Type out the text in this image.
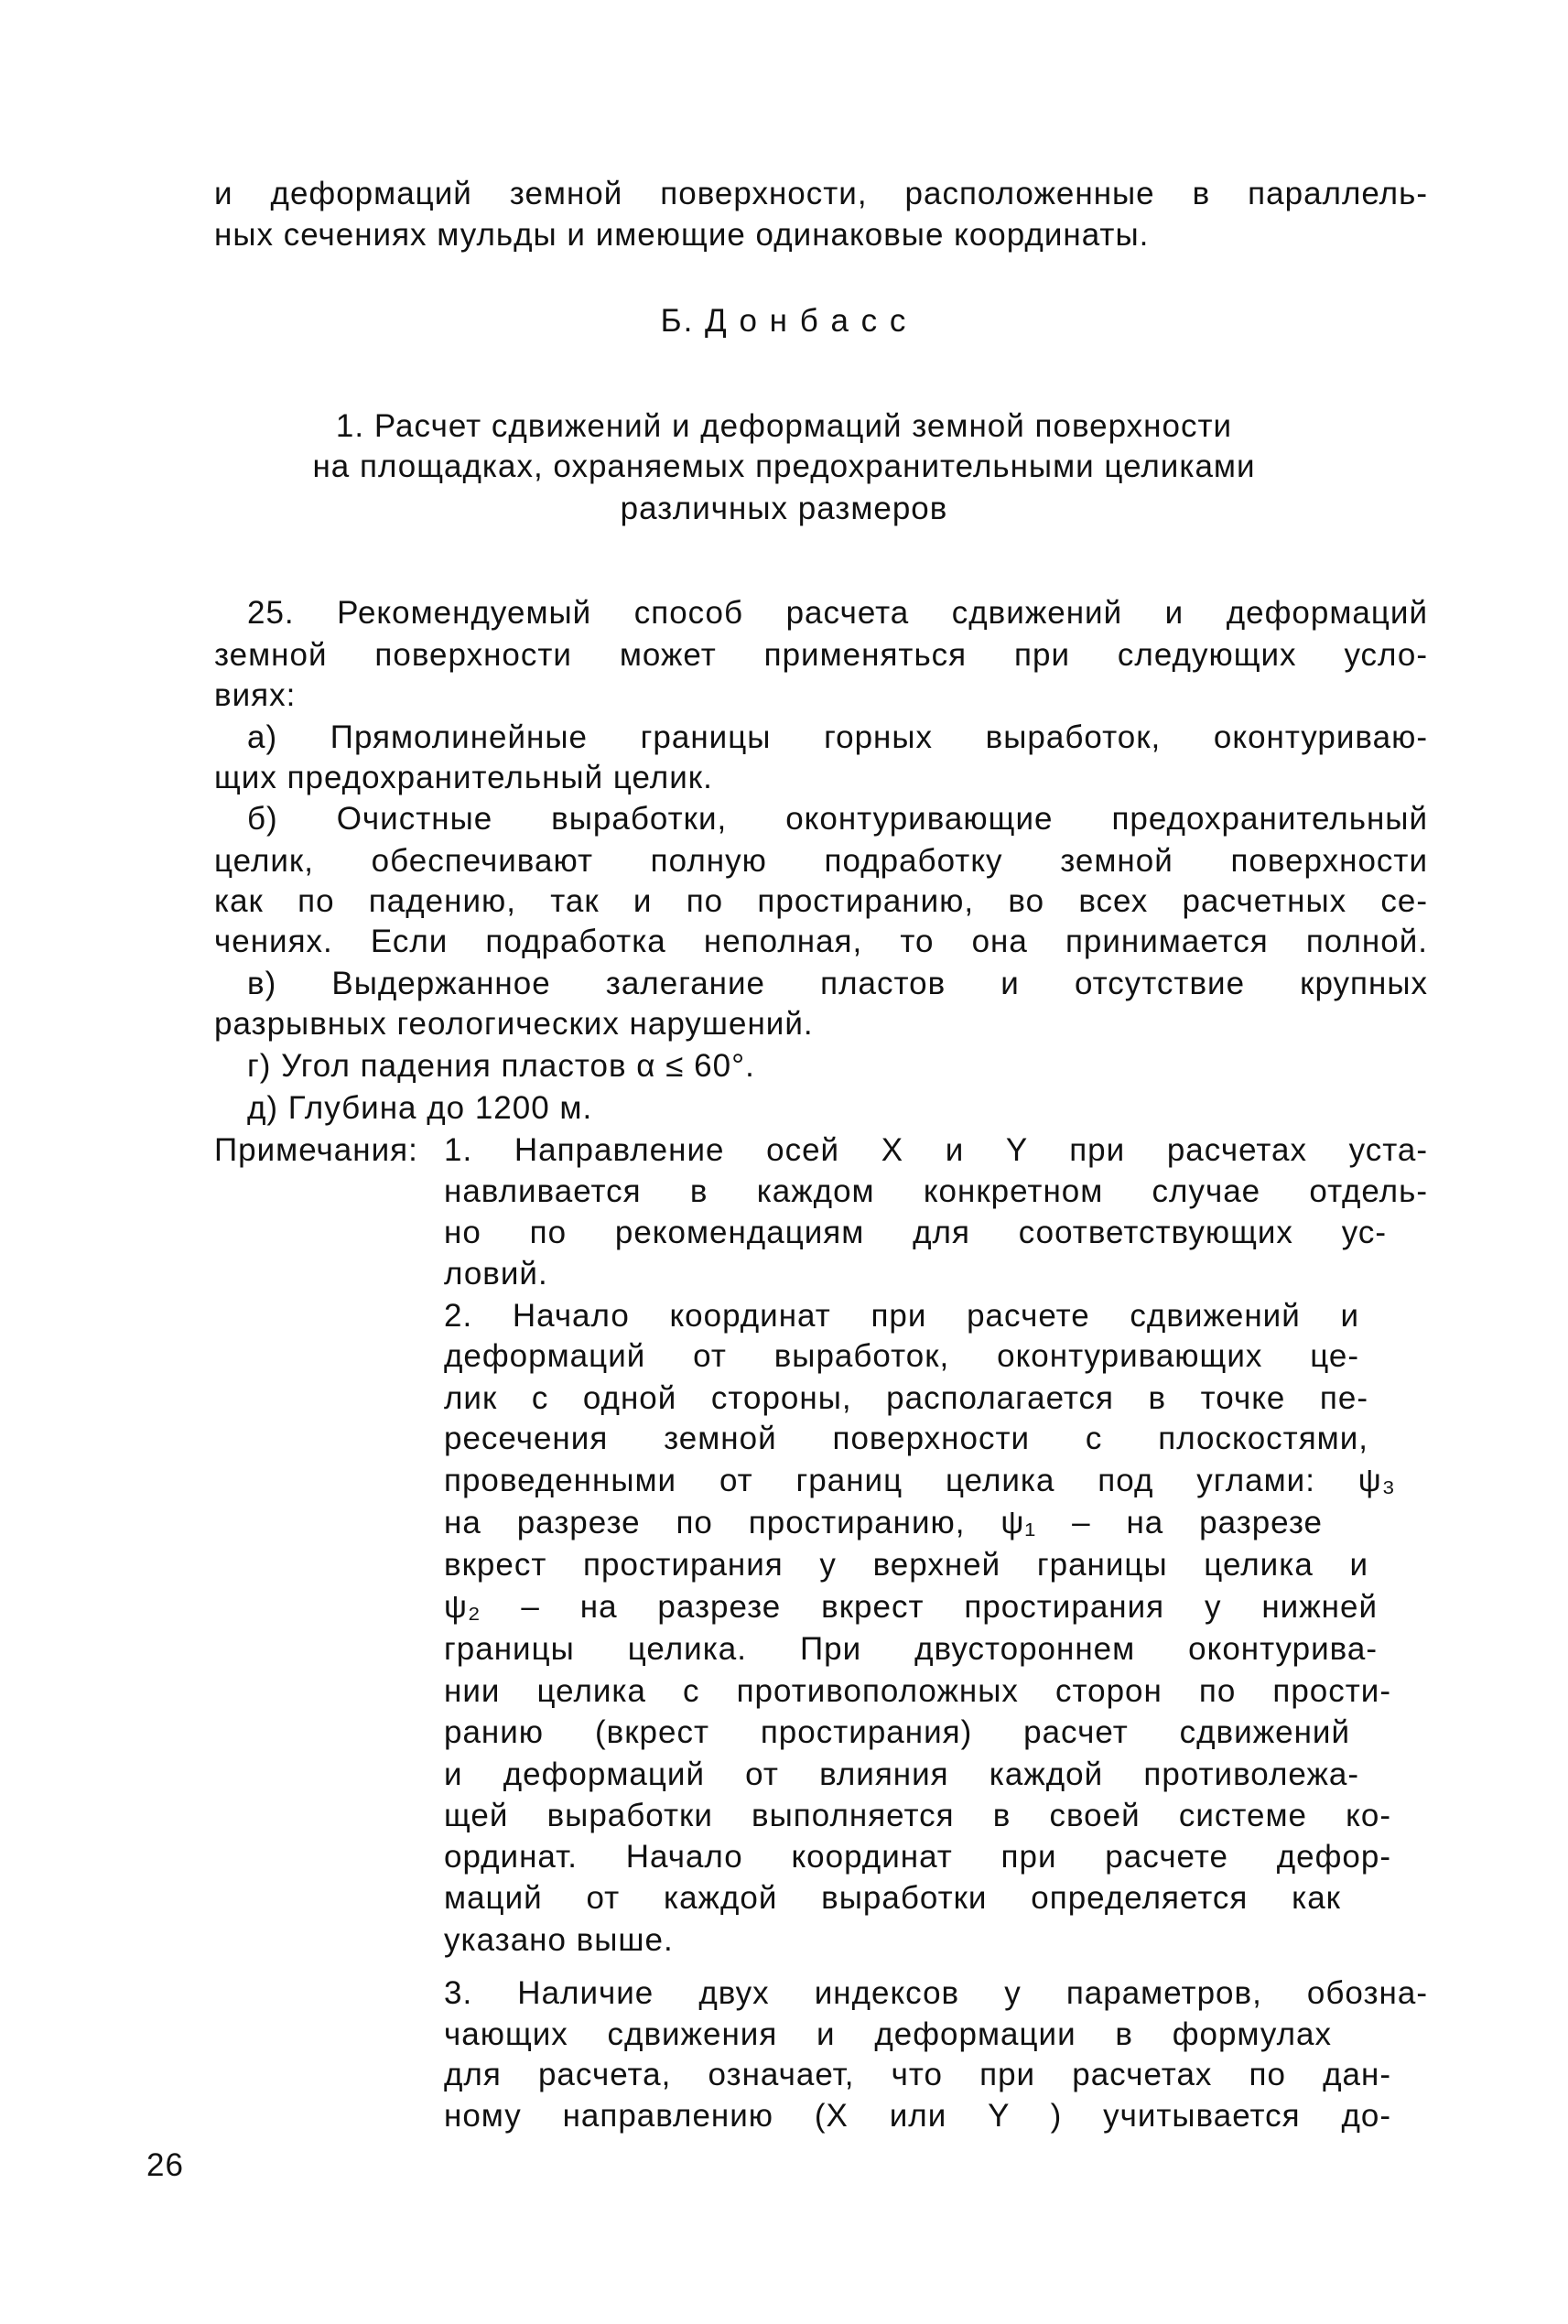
и деформаций земной поверхности, расположенные в параллель-
ных сечениях мульды и имеющие одинаковые координаты.
Б. Д о н б а с с
1. Расчет сдвижений и деформаций земной поверхности
на площадках, охраняемых предохранительными целиками
различных размеров
25. Рекомендуемый способ расчета сдвижений и деформаций
земной поверхности может применяться при следующих усло-
виях:
а) Прямолинейные границы горных выработок, оконтуриваю-
щих предохранительный целик.
б) Очистные выработки, оконтуривающие предохранительный
целик, обеспечивают полную подработку земной поверхности
как по падению, так и по простиранию, во всех расчетных се-
чениях. Если подработка неполная, то она принимается полной.
в) Выдержанное залегание пластов и отсутствие крупных
разрывных геологических нарушений.
г) Угол падения пластов α ≤ 60°.
д) Глубина до 1200 м.
Примечания: 1. Направление осей X и Y при расчетах уста-
навливается в каждом конкретном случае отдель-
но по рекомендациям для соответствующих ус-
ловий.
2. Начало координат при расчете сдвижений и
деформаций от выработок, оконтуривающих це-
лик с одной стороны, располагается в точке пе-
ресечения земной поверхности с плоскостями,
проведенными от границ целика под углами: ψ₃
на разрезе по простиранию, ψ₁ – на разрезе
вкрест простирания у верхней границы целика и
ψ₂ – на разрезе вкрест простирания у нижней
границы целика. При двустороннем оконтурива-
нии целика с противоположных сторон по прости-
ранию (вкрест простирания) расчет сдвижений
и деформаций от влияния каждой противолежа-
щей выработки выполняется в своей системе ко-
ординат. Начало координат при расчете дефор-
маций от каждой выработки определяется как
указано выше.
3. Наличие двух индексов у параметров, обозна-
чающих сдвижения и деформации в формулах
для расчета, означает, что при расчетах по дан-
ному направлению (X или Y ) учитывается до-
26
